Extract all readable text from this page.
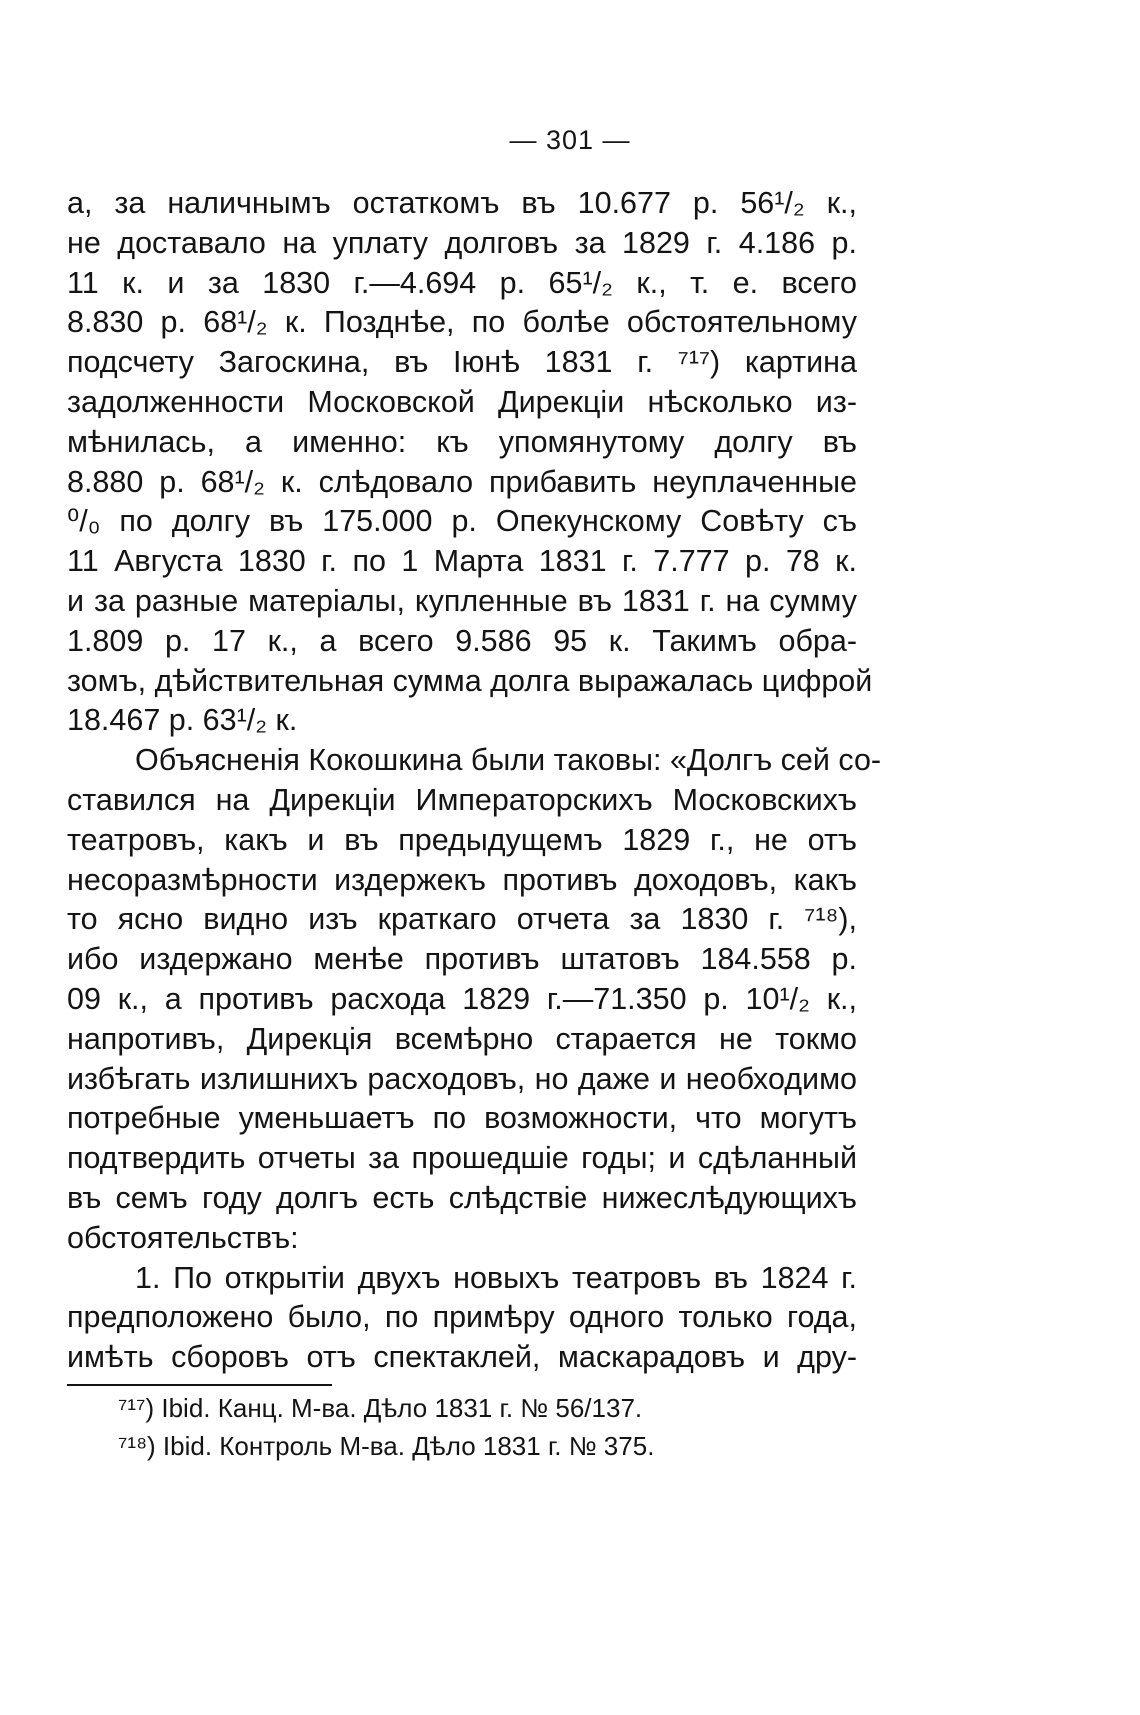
— 301 —
а, за наличнымъ остаткомъ въ 10.677 р. 56¹/₂ к.,
не доставало на уплату долговъ за 1829 г. 4.186 р.
11 к. и за 1830 г.—4.694 р. 65¹/₂ к., т. е. всего
8.830 р. 68¹/₂ к. Позднѣе, по болѣе обстоятельному
подсчету Загоскина, въ Іюнѣ 1831 г. ⁷¹⁷) картина
задолженности Московской Дирекціи нѣсколько из-
мѣнилась, а именно: къ упомянутому долгу въ
8.880 р. 68¹/₂ к. слѣдовало прибавить неуплаченные
⁰/₀ по долгу въ 175.000 р. Опекунскому Совѣту съ
11 Августа 1830 г. по 1 Марта 1831 г. 7.777 р. 78 к.
и за разные матеріалы, купленные въ 1831 г. на сумму
1.809 р. 17 к., а всего 9.586 95 к. Такимъ обра-
зомъ, дѣйствительная сумма долга выражалась цифрой
18.467 р. 63¹/₂ к.
Объясненія Кокошкина были таковы: «Долгъ сей со-
ставился на Дирекціи Императорскихъ Московскихъ
театровъ, какъ и въ предыдущемъ 1829 г., не отъ
несоразмѣрности издержекъ противъ доходовъ, какъ
то ясно видно изъ краткаго отчета за 1830 г. ⁷¹⁸),
ибо издержано менѣе противъ штатовъ 184.558 р.
09 к., а противъ расхода 1829 г.—71.350 р. 10¹/₂ к.,
напротивъ, Дирекція всемѣрно старается не токмо
избѣгать излишнихъ расходовъ, но даже и необходимо
потребные уменьшаетъ по возможности, что могутъ
подтвердить отчеты за прошедшіе годы; и сдѣланный
въ семъ году долгъ есть слѣдствіе нижеслѣдующихъ
обстоятельствъ:
1. По открытіи двухъ новыхъ театровъ въ 1824 г.
предположено было, по примѣру одного только года,
имѣть сборовъ отъ спектаклей, маскарадовъ и дру-
⁷¹⁷) Ibid. Канц. М-ва. Дѣло 1831 г. № 56/137.
⁷¹⁸) Ibid. Контроль М-ва. Дѣло 1831 г. № 375.
